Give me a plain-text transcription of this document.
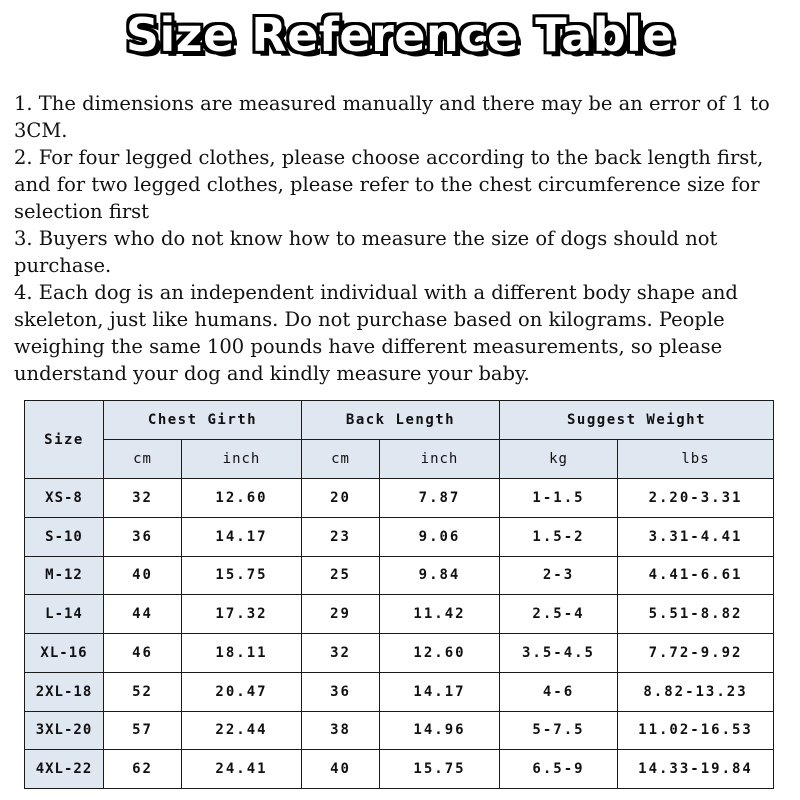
Size Reference Table

1. The dimensions are measured manually and there may be an error of 1 to 3CM.

2. For four legged clothes, please choose according to the back length first, and for two legged clothes, please refer to the chest circumference size for selection first

3. Buyers who do not know how to measure the size of dogs should not purchase.

4. Each dog is an independent individual with a different body shape and skeleton, just like humans. Do not purchase based on kilograms. People weighing the same 100 pounds have different measurements, so please understand your dog and kindly measure your baby.

Size	Chest Girth		Back Length		Suggest Weight	
	cm	inch	cm	inch	kg	lbs
XS-8	32	12.60	20	7.87	1-1.5	2.20-3.31
S-10	36	14.17	23	9.06	1.5-2	3.31-4.41
M-12	40	15.75	25	9.84	2-3	4.41-6.61
L-14	44	17.32	29	11.42	2.5-4	5.51-8.82
XL-16	46	18.11	32	12.60	3.5-4.5	7.72-9.92
2XL-18	52	20.47	36	14.17	4-6	8.82-13.23
3XL-20	57	22.44	38	14.96	5-7.5	11.02-16.53
4XL-22	62	24.41	40	15.75	6.5-9	14.33-19.84
